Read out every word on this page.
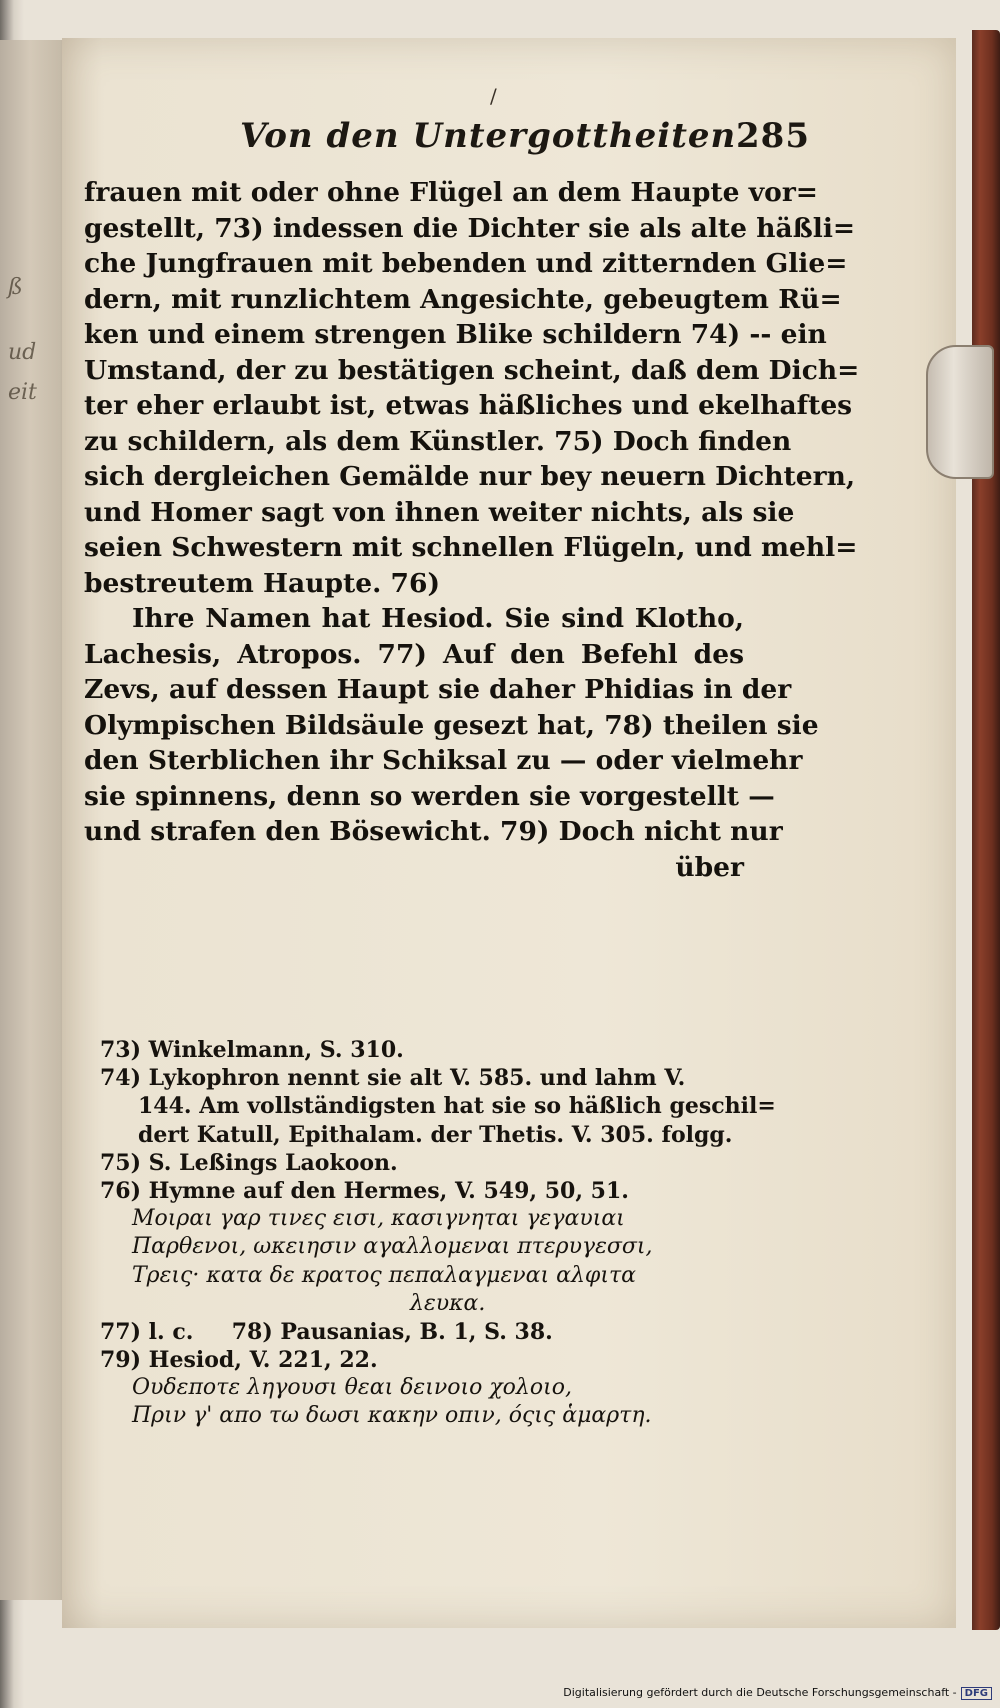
ß
ud
eit
/
Von den Untergottheiten 285
frauen mit oder ohne Flügel an dem Haupte vor=
gestellt, 73) indessen die Dichter sie als alte häßli=
che Jungfrauen mit bebenden und zitternden Glie=
dern, mit runzlichtem Angesichte, gebeugtem Rü=
ken und einem strengen Blike schildern 74) -- ein
Umstand, der zu bestätigen scheint, daß dem Dich=
ter eher erlaubt ist, etwas häßliches und ekelhaftes
zu schildern, als dem Künstler. 75) Doch finden
sich dergleichen Gemälde nur bey neuern Dichtern,
und Homer sagt von ihnen weiter nichts, als sie
seien Schwestern mit schnellen Flügeln, und mehl=
bestreutem Haupte. 76)
Ihre Namen hat Hesiod. Sie sind Klotho,
Lachesis, Atropos. 77) Auf den Befehl des
Zevs, auf dessen Haupt sie daher Phidias in der
Olympischen Bildsäule gesezt hat, 78) theilen sie
den Sterblichen ihr Schiksal zu — oder vielmehr
sie spinnens, denn so werden sie vorgestellt —
und strafen den Bösewicht. 79) Doch nicht nur
über
73) Winkelmann, S. 310.
74) Lykophron nennt sie alt V. 585. und lahm V.
144. Am vollständigsten hat sie so häßlich geschil=
dert Katull, Epithalam. der Thetis. V. 305. folgg.
75) S. Leßings Laokoon.
76) Hymne auf den Hermes, V. 549, 50, 51.
Μοιραι γαρ τινες εισι, κασιγνηται γεγαυιαι
Παρθενοι, ωκειησιν αγαλλομεναι πτερυγεσσι,
Τρεις· κατα δε κρατος πεπαλαγμεναι αλφιτα
λευκα.
77) l. c.     78) Pausanias, B. 1, S. 38.
79) Hesiod, V. 221, 22.
Ουδεποτε ληγουσι θεαι δεινοιο χολοιο,
Πριν γ' απο τω δωσι κακην οπιν, όςις ἁμαρτη.
Digitalisierung gefördert durch die Deutsche Forschungsgemeinschaft - DFG
